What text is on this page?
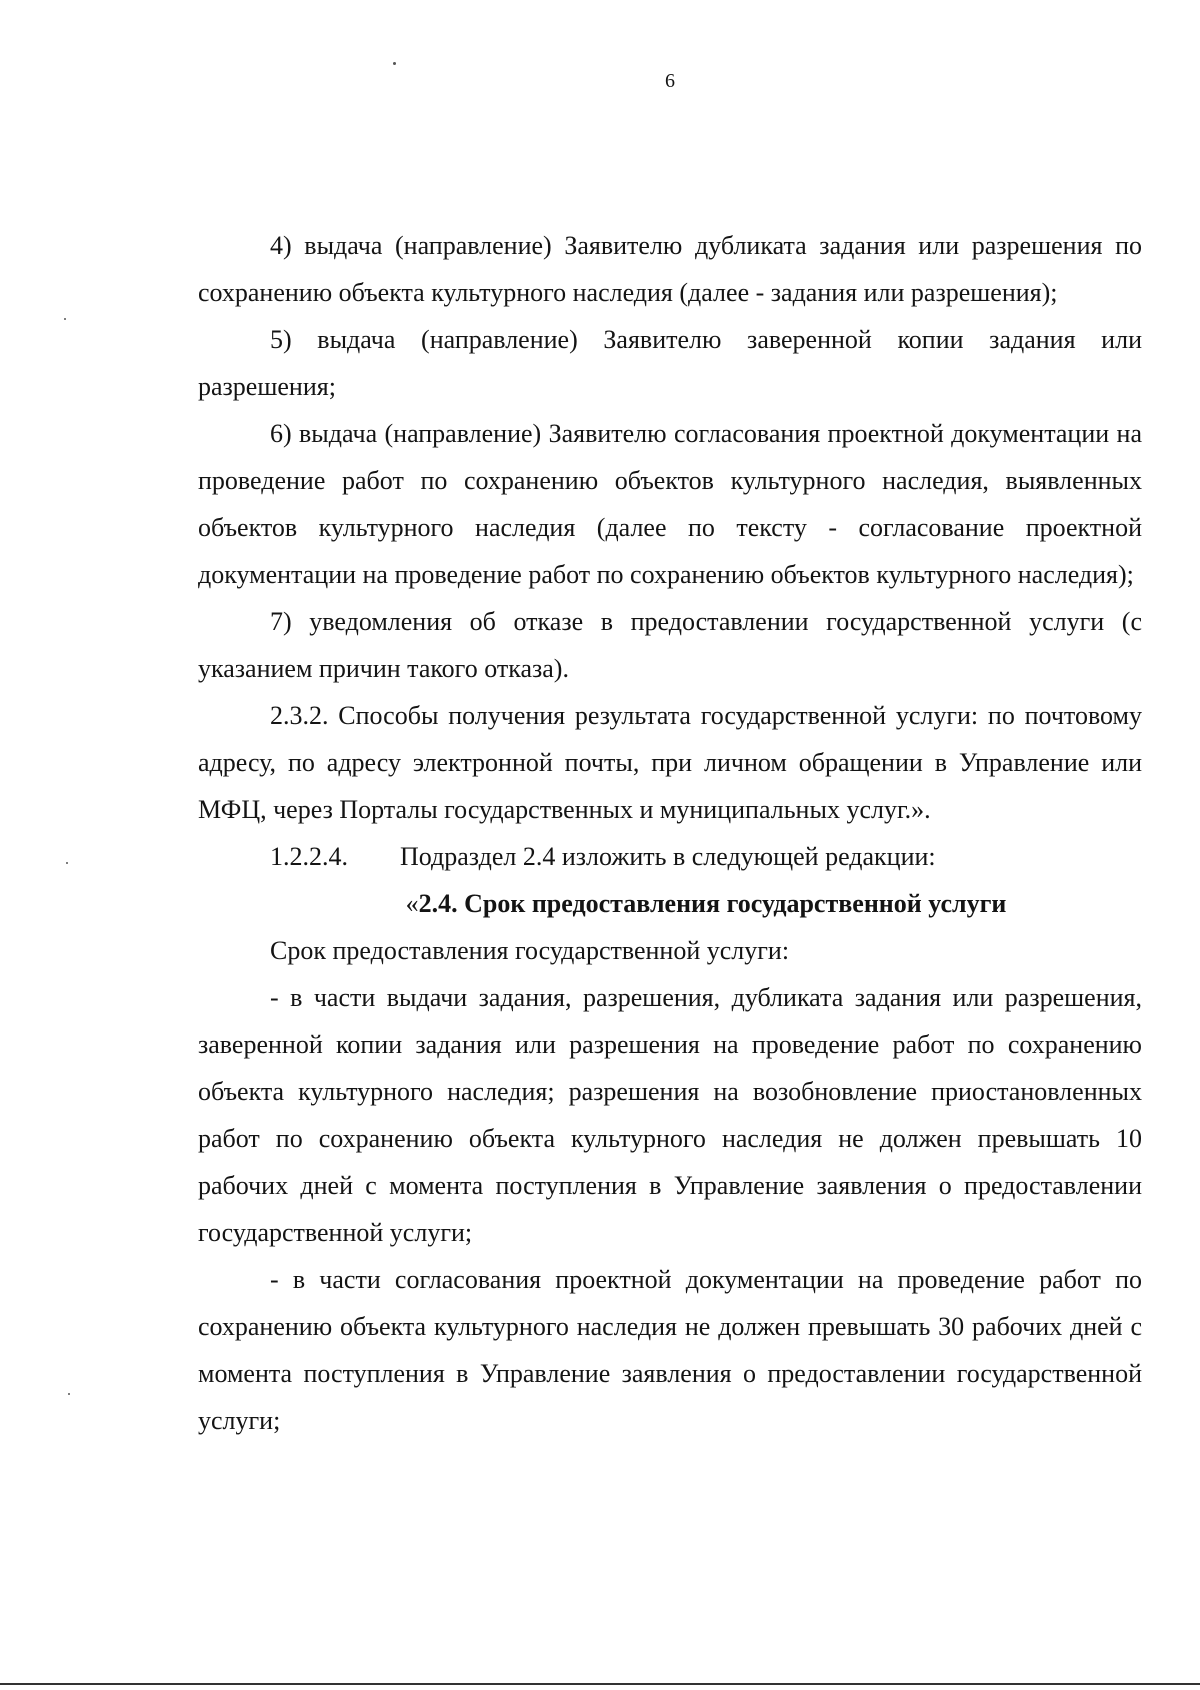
6

4) выдача (направление) Заявителю дубликата задания или разрешения по сохранению объекта культурного наследия (далее - задания или разрешения);

5) выдача (направление) Заявителю заверенной копии задания или разрешения;

6) выдача (направление) Заявителю согласования проектной документации на проведение работ по сохранению объектов культурного наследия, выявленных объектов культурного наследия (далее по тексту - согласование проектной документации на проведение работ по сохранению объектов культурного наследия);

7) уведомления об отказе в предоставлении государственной услуги (с указанием причин такого отказа).

2.3.2. Способы получения результата государственной услуги: по почтовому адресу, по адресу электронной почты, при личном обращении в Управление или МФЦ, через Порталы государственных и муниципальных услуг.».

1.2.2.4.        Подраздел 2.4 изложить в следующей редакции:

«2.4. Срок предоставления государственной услуги

Срок предоставления государственной услуги:

- в части выдачи задания, разрешения, дубликата задания или разрешения, заверенной копии задания или разрешения на проведение работ по сохранению объекта культурного наследия; разрешения на возобновление приостановленных работ по сохранению объекта культурного наследия не должен превышать 10 рабочих дней с момента поступления в Управление заявления о предоставлении государственной услуги;

- в части согласования проектной документации на проведение работ по сохранению объекта культурного наследия не должен превышать 30 рабочих дней с момента поступления в Управление заявления о предоставлении государственной услуги;
